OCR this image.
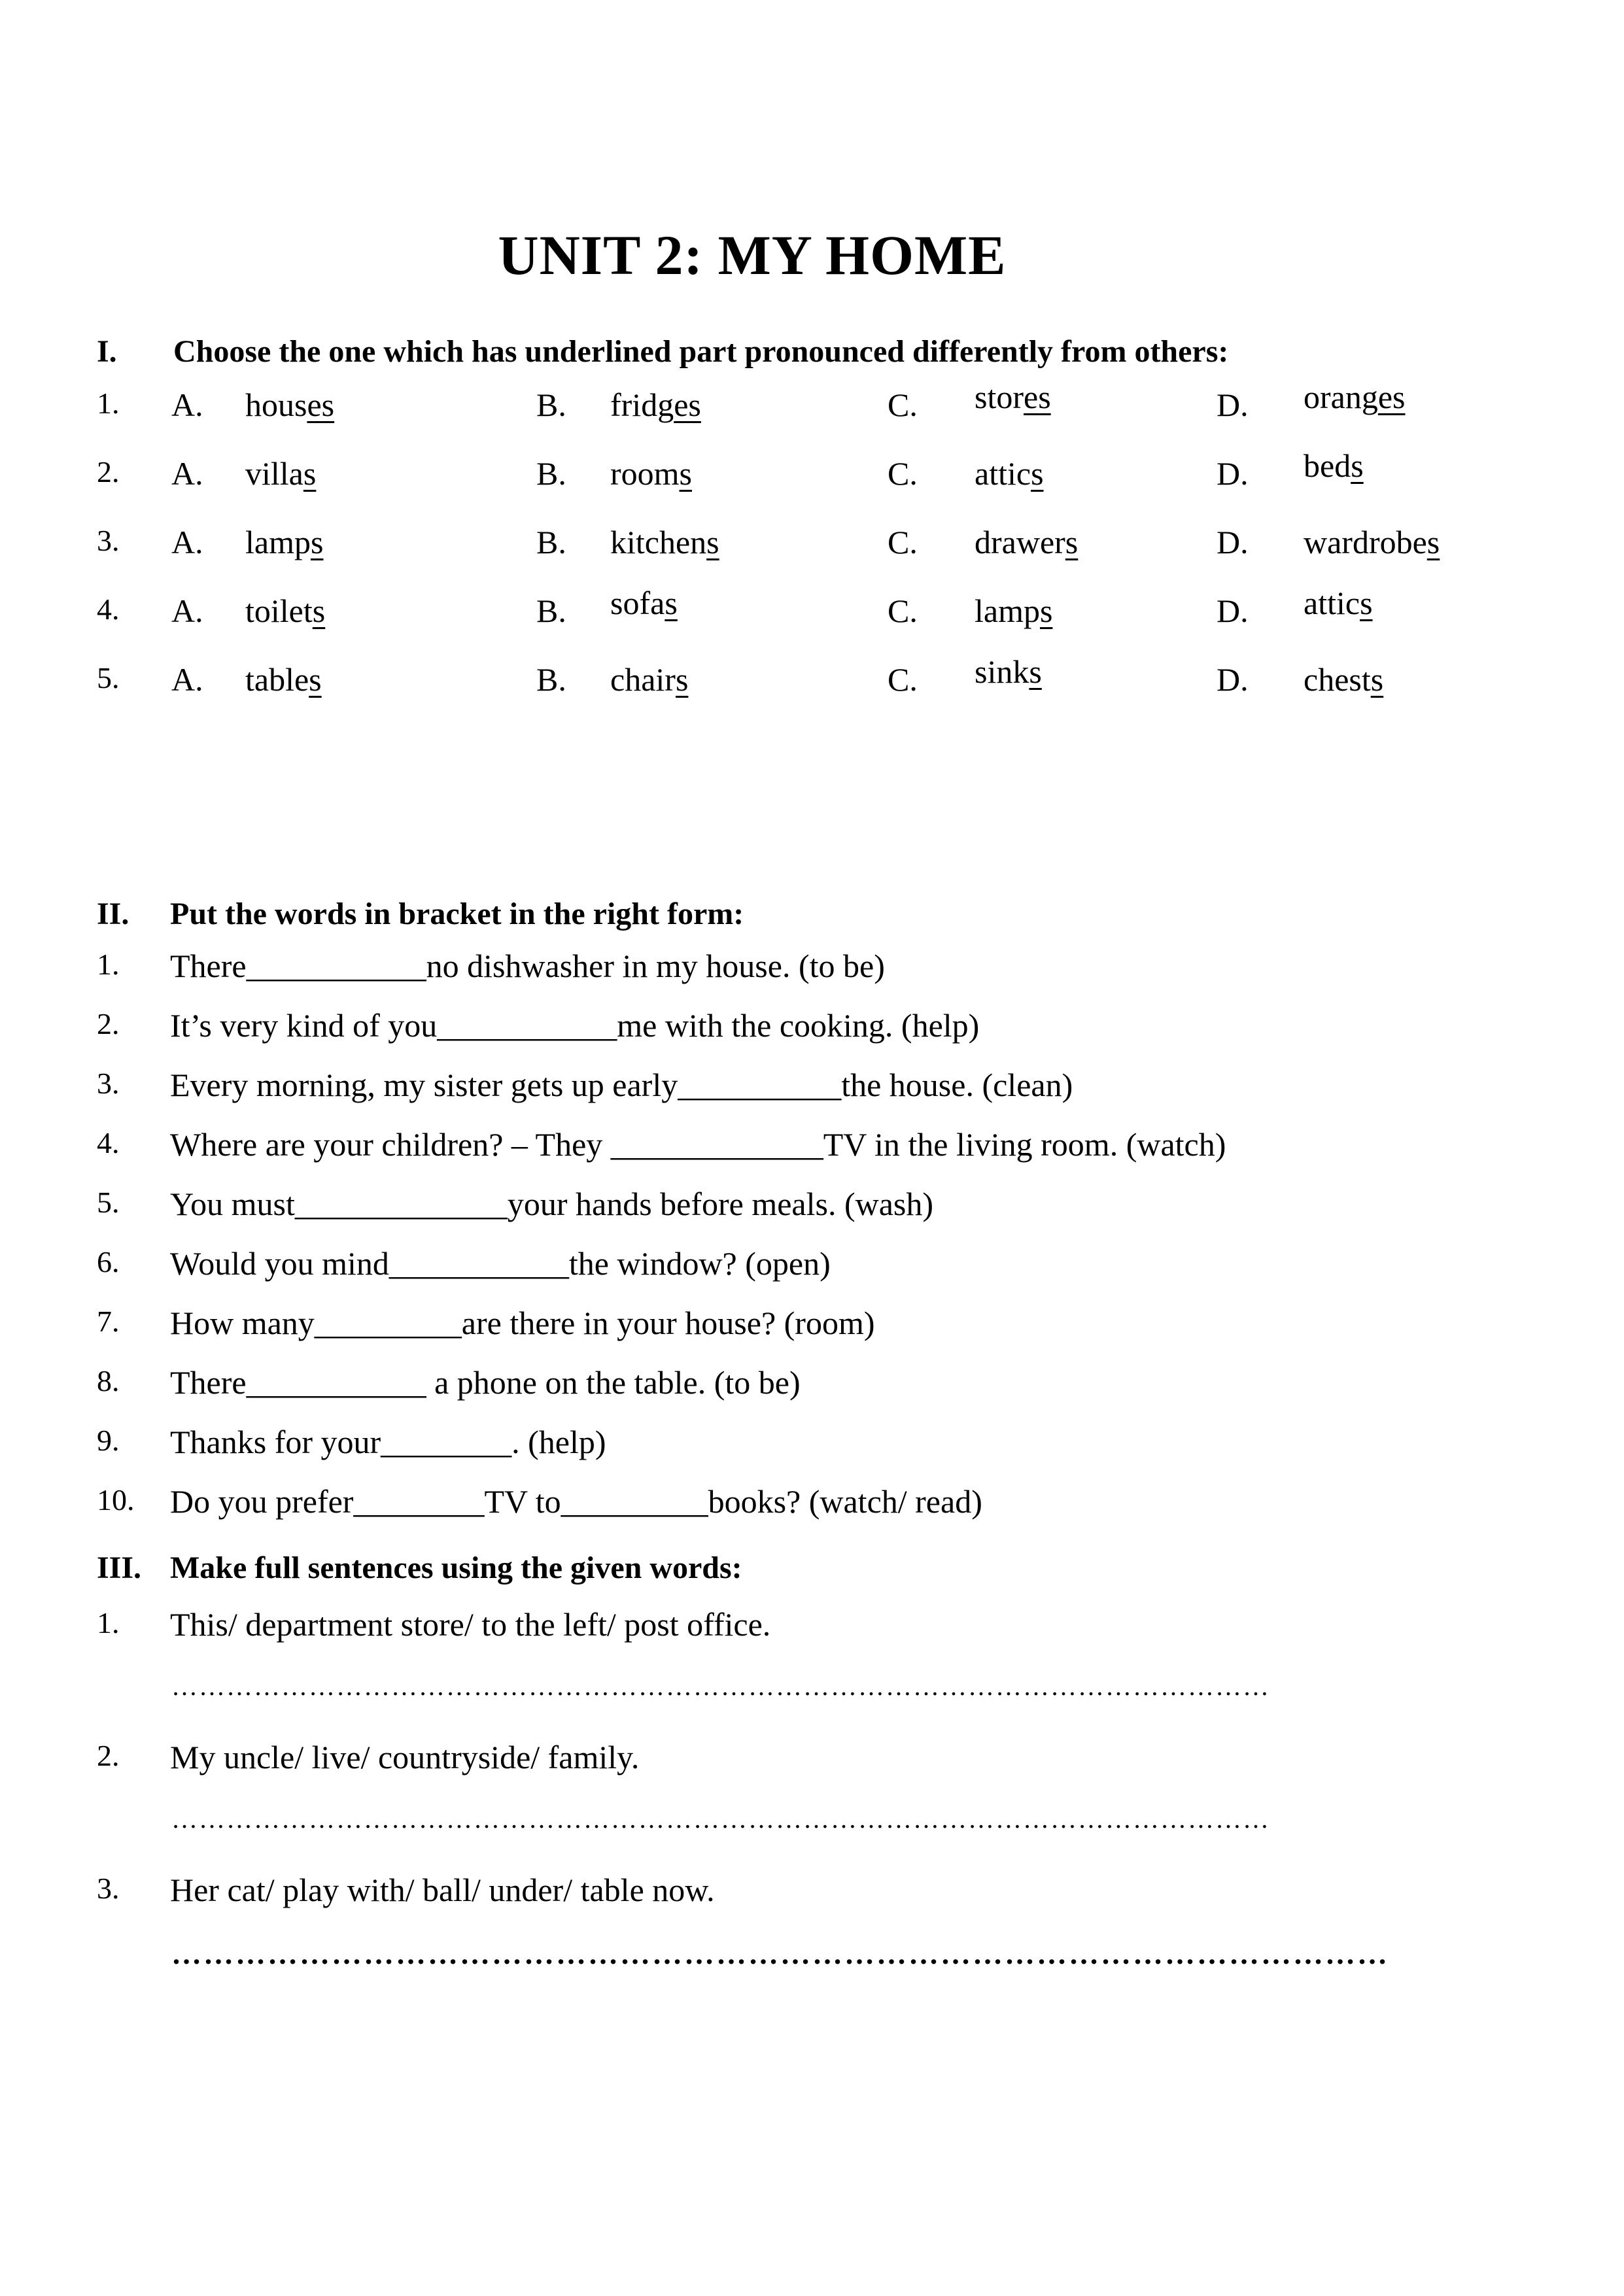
UNIT 2: MY HOME
I. Choose the one which has underlined part pronounced differently from others:
1. A. houses	B. fridges	C. stores	D. oranges
2. A. villas	B. rooms	C. attics	D. beds
3. A. lamps	B. kitchens	C. drawers	D. wardrobes
4. A. toilets	B. sofas	C. lamps	D. attics
5. A. tables	B. chairs	C. sinks	D. chests
II. Put the words in bracket in the right form:
1. There___________no dishwasher in my house. (to be)
2. It’s very kind of you___________me with the cooking. (help)
3. Every morning, my sister gets up early__________the house. (clean)
4. Where are your children? – They _____________TV in the living room. (watch)
5. You must_____________your hands before meals. (wash)
6. Would you mind___________the window? (open)
7. How many_________are there in your house? (room)
8. There___________ a phone on the table. (to be)
9. Thanks for your________. (help)
10. Do you prefer________TV to_________books? (watch/ read)
III. Make full sentences using the given words:
1. This/ department store/ to the left/ post office.
…………………………………………………………………………………………………………
2. My uncle/ live/ countryside/ family.
…………………………………………………………………………………………………………
3. Her cat/ play with/ ball/ under/ table now.
……………………………………………………………………………………………………
